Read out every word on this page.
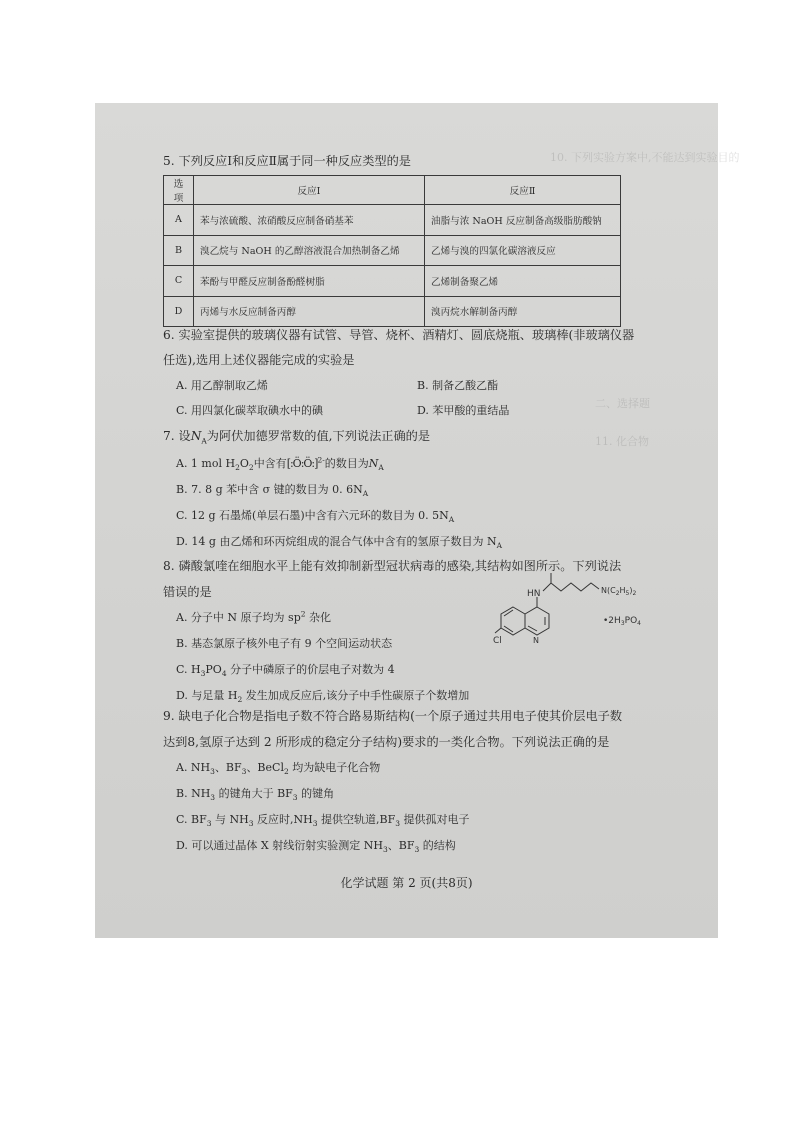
10. 下列实验方案中,不能达到实验目的
二、选择题
11. 化合物
5. 下列反应Ⅰ和反应Ⅱ属于同一种反应类型的是
选项	反应Ⅰ	反应Ⅱ
A	苯与浓硫酸、浓硝酸反应制备硝基苯	油脂与浓 NaOH 反应制备高级脂肪酸钠
B	溴乙烷与 NaOH 的乙醇溶液混合加热制备乙烯	乙烯与溴的四氯化碳溶液反应
C	苯酚与甲醛反应制备酚醛树脂	乙烯制备聚乙烯
D	丙烯与水反应制备丙醇	溴丙烷水解制备丙醇
6. 实验室提供的玻璃仪器有试管、导管、烧杯、酒精灯、圆底烧瓶、玻璃棒(非玻璃仪器
任选),选用上述仪器能完成的实验是
A. 用乙醇制取乙烯	B. 制备乙酸乙酯
C. 用四氯化碳萃取碘水中的碘	D. 苯甲酸的重结晶
7. 设$N_A$为阿伏加德罗常数的值,下列说法正确的是
A. 1 mol $H_2O_2$中含有[:Ö:Ö:]$^{2-}$的数目为$N_A$
B. 7. 8 g 苯中含 σ 键的数目为 0. $6N_A$
C. 12 g 石墨烯(单层石墨)中含有六元环的数目为 0. $5N_A$
D. 14 g 由乙烯和环丙烷组成的混合气体中含有的氢原子数目为 $N_A$
8. 磷酸氯喹在细胞水平上能有效抑制新型冠状病毒的感染,其结构如图所示。下列说法
错误的是
A. 分子中 N 原子均为 $sp^2$ 杂化
B. 基态氯原子核外电子有 9 个空间运动状态
C. $H_3PO_4$ 分子中磷原子的价层电子对数为 4
D. 与足量 $H_2$ 发生加成反应后,该分子中手性碳原子个数增加
HN	$N(C_2H_5)_2$
Cl	N
$•2H_3PO_4$
9. 缺电子化合物是指电子数不符合路易斯结构(一个原子通过共用电子使其价层电子数
达到8,氢原子达到 2 所形成的稳定分子结构)要求的一类化合物。下列说法正确的是
A. $NH_3$、$BF_3$、BeCl$_2$ 均为缺电子化合物
B. $NH_3$ 的键角大于 $BF_3$ 的键角
C. $BF_3$ 与 $NH_3$ 反应时$,NH_3$ 提供空轨道$,BF_3$ 提供孤对电子
D. 可以通过晶体 X 射线衍射实验测定 $NH_3$、$BF_3$ 的结构
化学试题 第 2 页(共8页)
